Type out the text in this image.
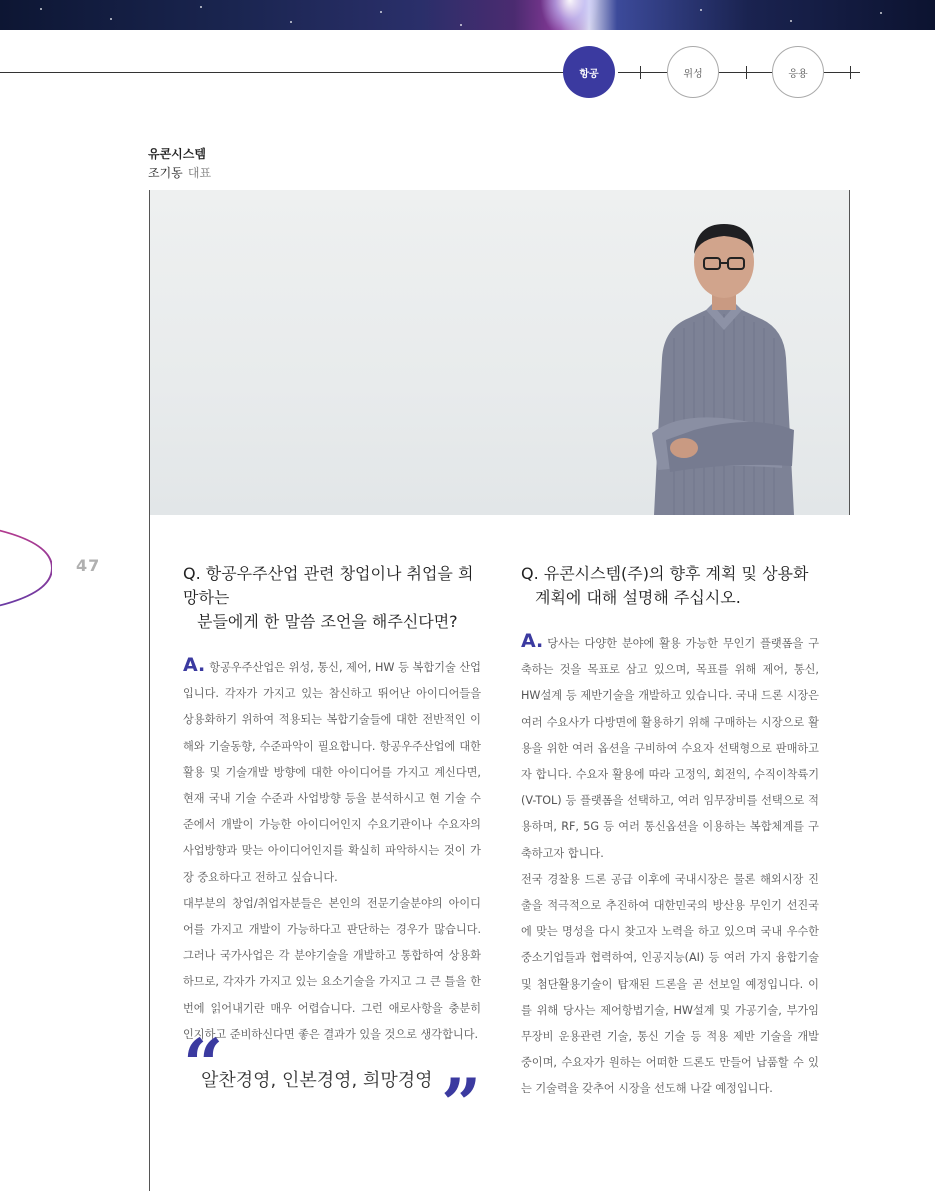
항공	위성	응용
유콘시스템
조기동 대표
47	Q. 항공우주산업 관련 창업이나 취업을 희망하는
분들에게 한 말씀 조언을 해주신다면?

A. 항공우주산업은 위성, 통신, 제어, HW 등 복합기술 산업입니다. 각자가 가지고 있는 참신하고 뛰어난 아이디어들을 상용화하기 위하여 적용되는 복합기술들에 대한 전반적인 이해와 기술동향, 수준파악이 필요합니다. 항공우주산업에 대한 활용 및 기술개발 방향에 대한 아이디어를 가지고 계신다면, 현재 국내 기술 수준과 사업방향 등을 분석하시고 현 기술 수준에서 개발이 가능한 아이디어인지 수요기관이나 수요자의 사업방향과 맞는 아이디어인지를 확실히 파악하시는 것이 가장 중요하다고 전하고 싶습니다.

대부분의 창업/취업자분들은 본인의 전문기술분야의 아이디어를 가지고 개발이 가능하다고 판단하는 경우가 많습니다. 그러나 국가사업은 각 분야기술을 개발하고 통합하여 상용화하므로, 각자가 가지고 있는 요소기술을 가지고 그 큰 틀을 한 번에 읽어내기란 매우 어렵습니다. 그런 애로사항을 충분히 인지하고 준비하신다면 좋은 결과가 있을 것으로 생각합니다.

“
알찬경영, 인본경영, 희망경영 ”

Q. 유콘시스템(주)의 향후 계획 및 상용화
계획에 대해 설명해 주십시오.

A. 당사는 다양한 분야에 활용 가능한 무인기 플랫폼을 구축하는 것을 목표로 삼고 있으며, 목표를 위해 제어, 통신, HW설계 등 제반기술을 개발하고 있습니다. 국내 드론 시장은 여러 수요사가 다방면에 활용하기 위해 구매하는 시장으로 활용을 위한 여러 옵션을 구비하여 수요자 선택형으로 판매하고자 합니다. 수요자 활용에 따라 고정익, 회전익, 수직이착륙기(V-TOL) 등 플랫폼을 선택하고, 여러 임무장비를 선택으로 적용하며, RF, 5G 등 여러 통신옵션을 이용하는 복합체계를 구축하고자 합니다.

전국 경찰용 드론 공급 이후에 국내시장은 물론 해외시장 진출을 적극적으로 추진하여 대한민국의 방산용 무인기 선진국에 맞는 명성을 다시 찾고자 노력을 하고 있으며 국내 우수한 중소기업들과 협력하여, 인공지능(AI) 등 여러 가지 융합기술 및 첨단활용기술이 탑재된 드론을 곧 선보일 예정입니다. 이를 위해 당사는 제어항법기술, HW설계 및 가공기술, 부가임무장비 운용관련 기술, 통신 기술 등 적용 제반 기술을 개발 중이며, 수요자가 원하는 어떠한 드론도 만들어 납품할 수 있는 기술력을 갖추어 시장을 선도해 나갈 예정입니다.
